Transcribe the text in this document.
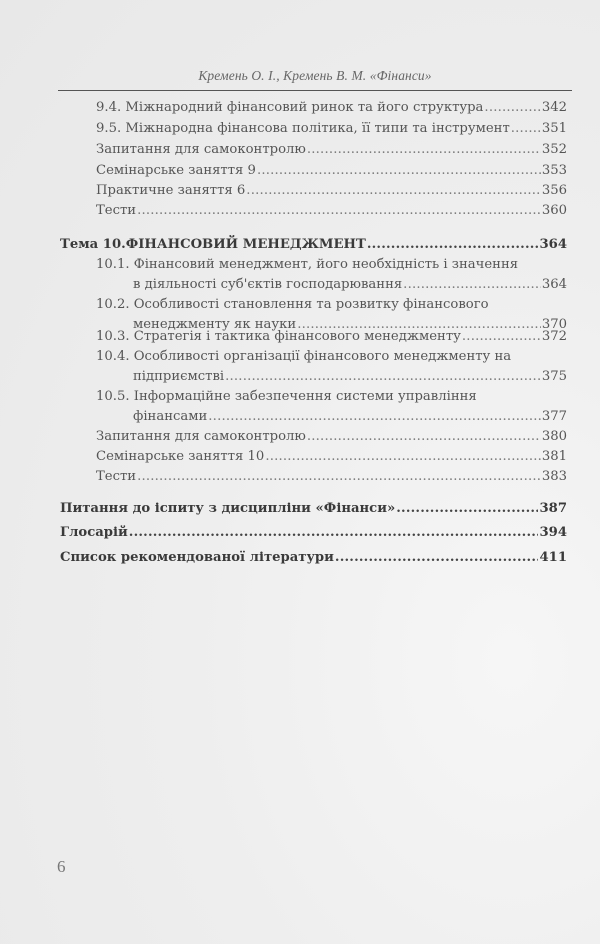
Кремень О. І., Кремень В. М. «Фінанси»
9.4. Міжнародний фінансовий ринок та його структура .....	342
9.5. Міжнародна фінансова політика, її типи та інструмент ..... 351
Запитання для самоконтролю .....	352
Семінарське заняття 9 .....	353
Практичне заняття 6 .....	356
Тести .....	360
Тема 10.ФІНАНСОВИЙ МЕНЕДЖМЕНТ .....	364
10.1. Фінансовий менеджмент, його необхідність і значення
в діяльності суб'єктів господарювання .....	364
10.2. Особливості становлення та розвитку фінансового
менеджменту як науки .....	370
10.3. Стратегія і тактика фінансового менеджменту .....	372
10.4. Особливості організації фінансового менеджменту на
підприємстві .....	375
10.5. Інформаційне забезпечення системи управління
фінансами .....	377
Запитання для самоконтролю .....	380
Семінарське заняття 10 .....	381
Тести .....	383
Питання до іспиту з дисципліни «Фінанси» .....	387
Глосарій .....	394
Список рекомендованої літератури .....	411
6
